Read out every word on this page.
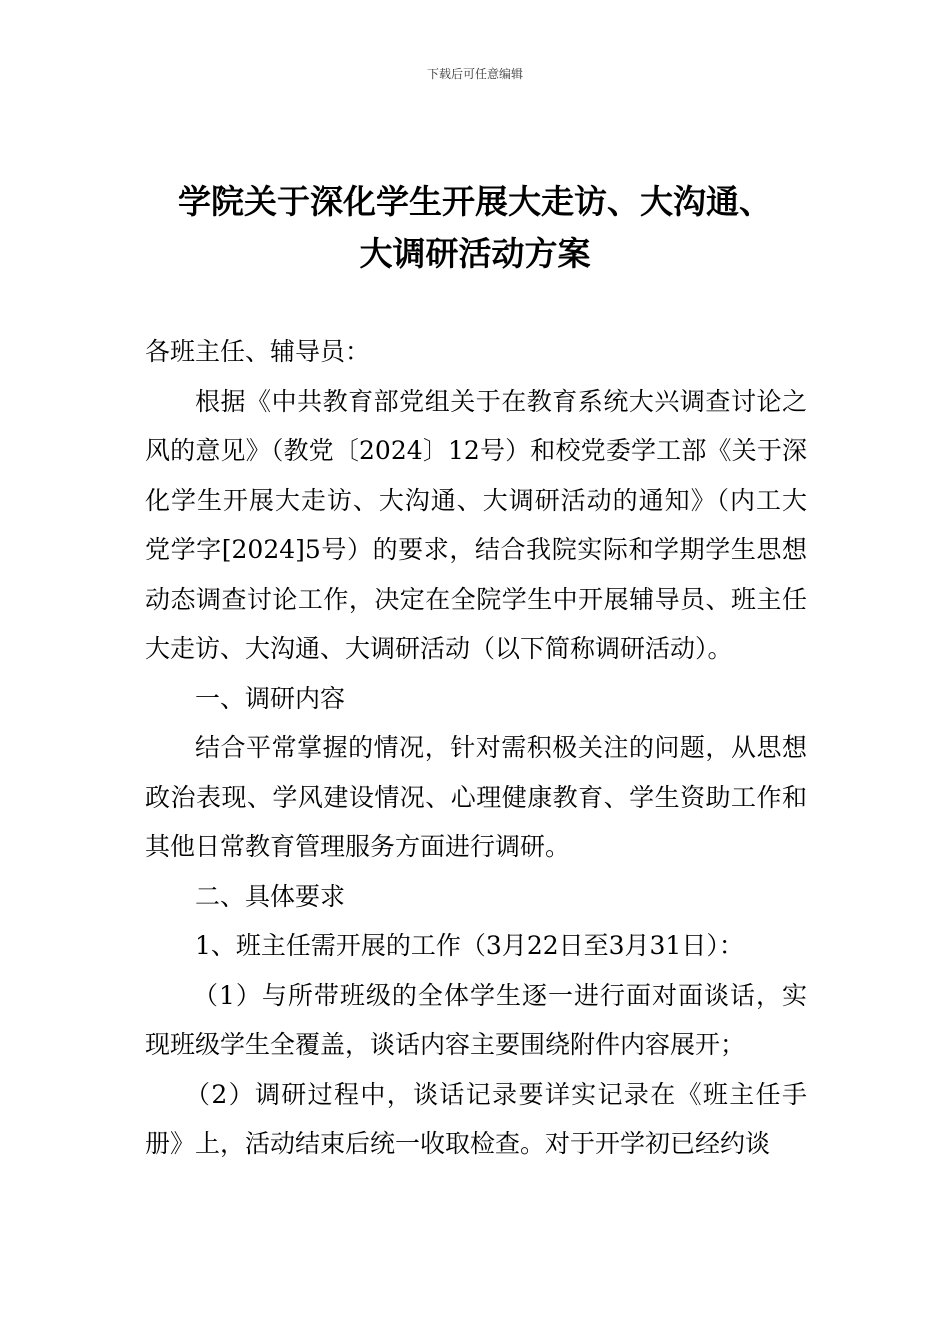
下载后可任意编辑
学院关于深化学生开展大走访、大沟通、
大调研活动方案

各班主任、辅导员：

根据《中共教育部党组关于在教育系统大兴调查讨论之风的意见》（教党〔2024〕12号）和校党委学工部《关于深化学生开展大走访、大沟通、大调研活动的通知》（内工大党学字[2024]5号）的要求，结合我院实际和学期学生思想动态调查讨论工作，决定在全院学生中开展辅导员、班主任大走访、大沟通、大调研活动（以下简称调研活动）。

一、调研内容

结合平常掌握的情况，针对需积极关注的问题，从思想政治表现、学风建设情况、心理健康教育、学生资助工作和其他日常教育管理服务方面进行调研。

二、具体要求

1、班主任需开展的工作（3月22日至3月31日）：

（1）与所带班级的全体学生逐一进行面对面谈话，实现班级学生全覆盖，谈话内容主要围绕附件内容展开；

（2）调研过程中，谈话记录要详实记录在《班主任手册》上，活动结束后统一收取检查。对于开学初已经约谈
